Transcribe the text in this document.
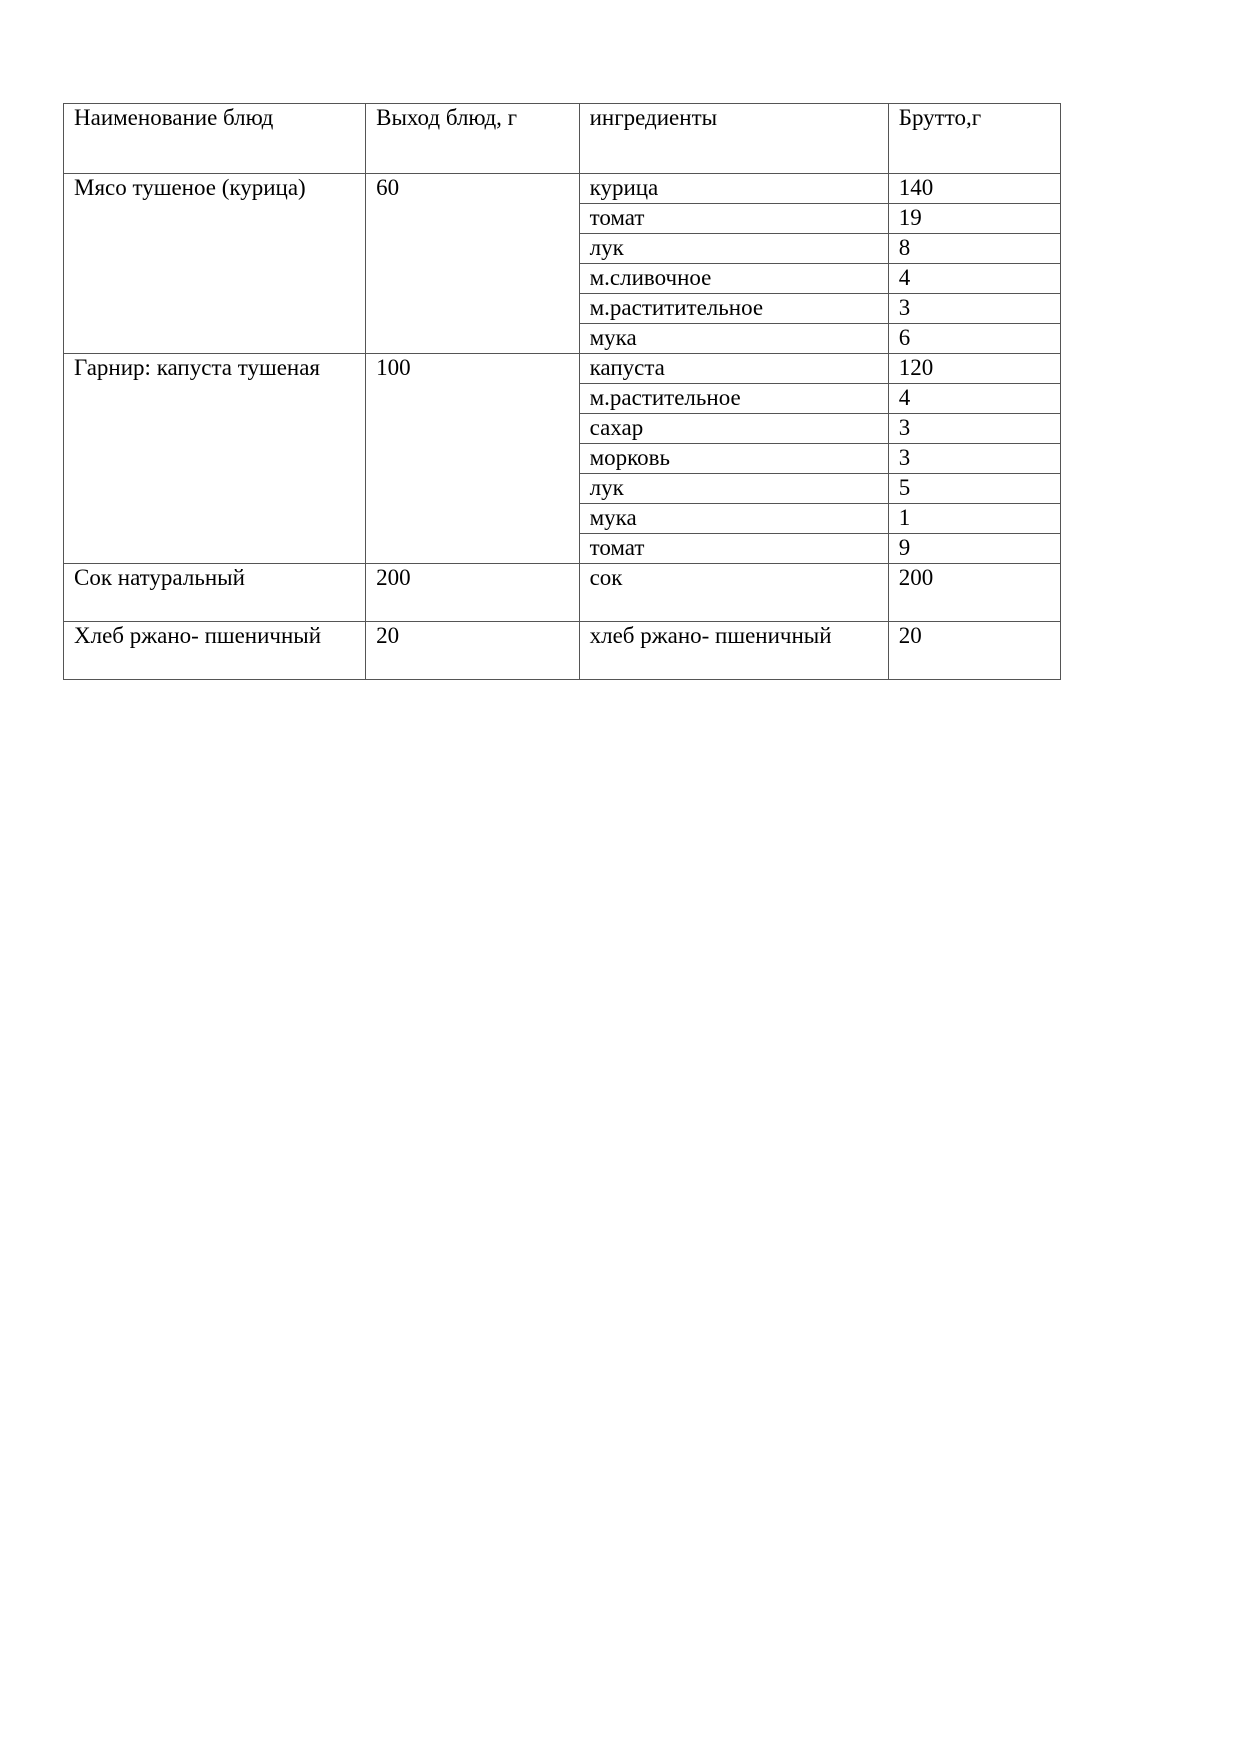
Наименование блюд	Выход блюд, г	ингредиенты	Брутто,г
Мясо тушеное (курица)	60	курица	140
		томат	19
		лук	8
		м.сливочное	4
		м.раститительное	3
		мука	6

Гарнир: капуста тушеная	100	капуста	120
		м.растительное	4
		сахар	3
		морковь	3
		лук	5
		мука	1
		томат	9
Сок натуральный	200	сок	200
Хлеб ржано- пшеничный	20	хлеб ржано- пшеничный	20
